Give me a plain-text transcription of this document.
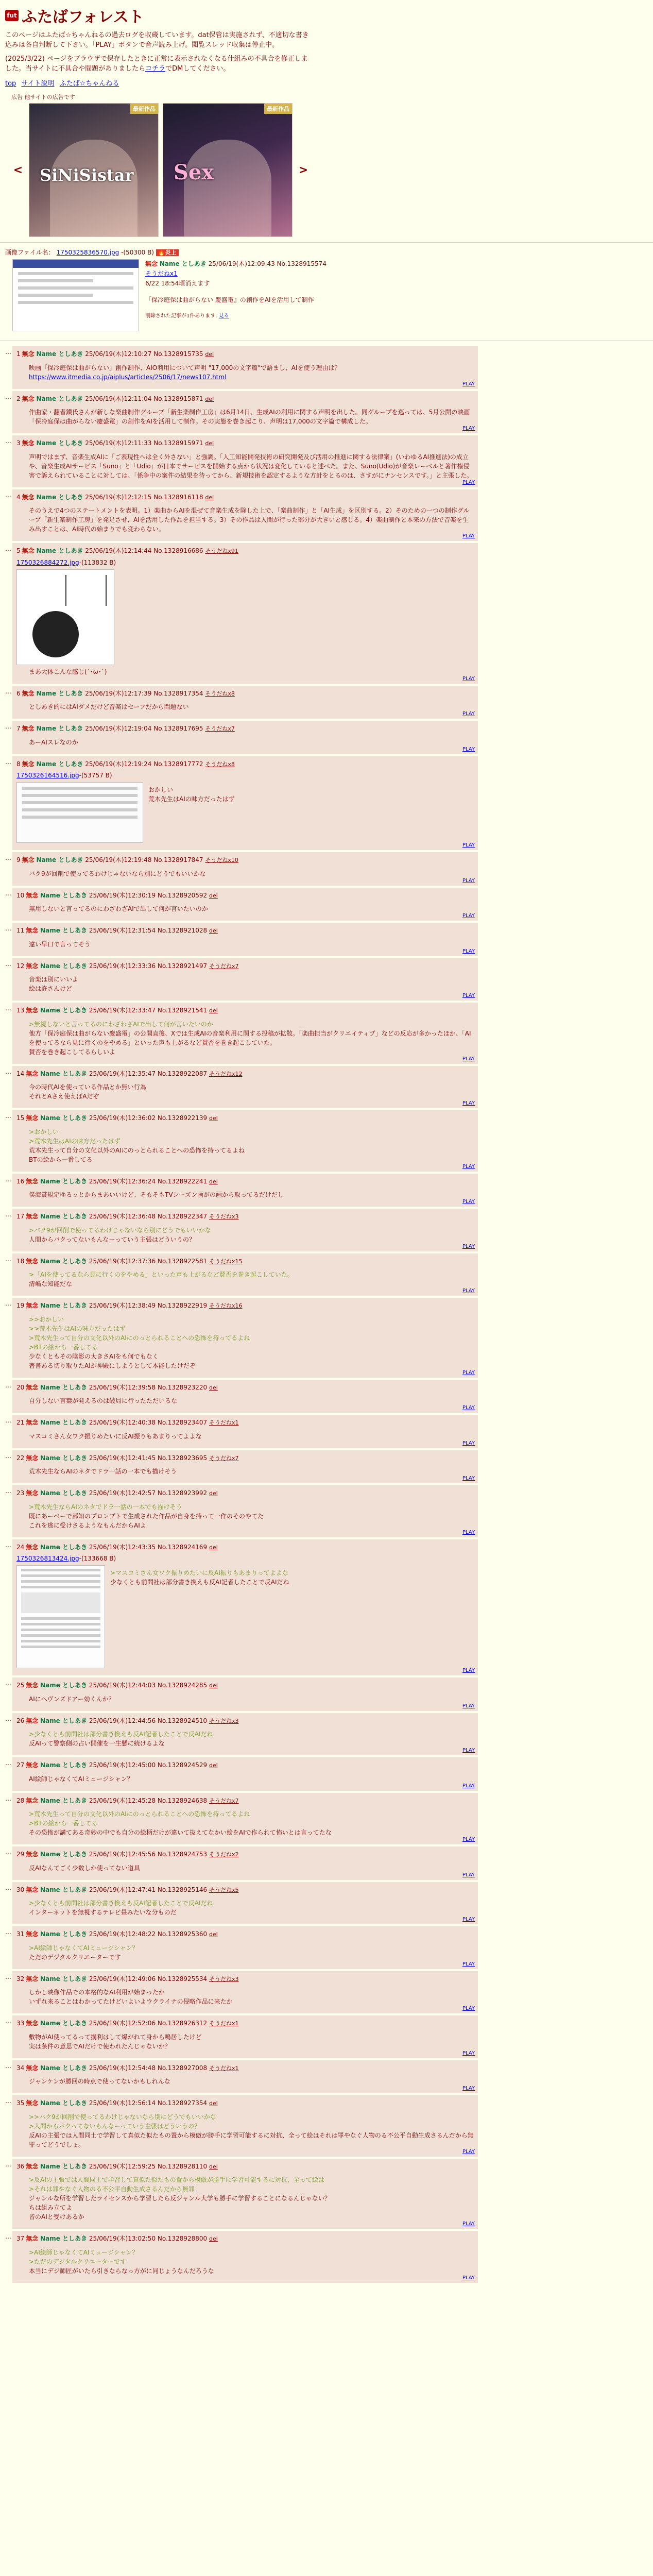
fut ふたばフォレスト

このページはふたば☆ちゃんねるの過去ログを収蔵しています。dat保管は実施されず、不適切な書き込みは各自判断して下さい。「PLAY」ボタンで音声読み上げ。閲覧スレッド収集は停止中。

(2025/3/22) ページをブラウザで保存したときに正常に表示されなくなる仕組みの不具合を修正しました。当サイトに不具合や間題がありましたらコチラでDMしてください。

top サイト説明 ふたば☆ちゃんねる
広告 他サイトの広告です
<
最新作品
SiNiSistar
最新作品
Sex	>
画像ファイル名： 1750325836570.jpg -(50300 B) 🔥炎上
無念 Name としあき 25/06/19(木)12:09:43 No.1328915574
そうだねx1
6/22 18:54頃消えます
「保冷庭保は曲がらない 慶盛電』の創作をAIを活用して制作
削除された記事が1件あります. 見る
… 1 無念 Name としあき 25/06/19(木)12:10:27 No.1328915735 del
映画「保冷庭保は曲がらない」創作制作、AIO利用について声明 "17,000の文字篇"で語まし、AIを使う理由は？
https://www.itmedia.co.jp/aiplus/articles/2506/17/news107.html
PLAY
… 2 無念 Name としあき 25/06/19(木)12:11:04 No.1328915871 del
作曲家・翻者鐵氏さんが新しな楽曲制作グループ「新生楽制作工房」は6月14日、生成AIの利用に関する声明を出した。同グループを巡っては、5月公開の映画「保冷庭保は曲がらない慶盛電」の創作をAIを活用して制作。その実態を巻き起こり、声明は17,000の文字篇で構成した。
PLAY
… 3 無念 Name としあき 25/06/19(木)12:11:33 No.1328915971 del
声明ではまず、音楽生成AIに「ご表現性へは全く外さない」と強調。「人工知能開発技術の研究開発及び活用の推進に関する法律案」(いわゆるAI推進法)の成立や、音楽生成AIサービス「Suno」と「Udio」が日本でサービスを開始する点から状況は変化していると述べた。また、Suno(Udio)が音楽レーベルと著作権侵害で訴えられていることに対しては、「係争中の案件の結果を待ってから、新規技術を認定するような方針をとるのは、さすがにナンセンスです。」と主張した。
PLAY
… 4 無念 Name としあき 25/06/19(木)12:12:15 No.1328916118 del
そのうえで4つのステートメントを表明。1）楽曲からAIを混ぜて音楽生成を除した上で、「楽曲制作」と「AI生成」を区別する。2）そのための一つの制作グループ「新生楽制作工房」を発足させ、AIを活用した作品を担当する。3）その作品は人間が行った部分が大きいと感じる。4）楽曲制作と本来の方法で音楽を生み出すことは、AI時代の始まりでも変わらない。
PLAY
… 5 無念 Name としあき 25/06/19(木)12:14:44 No.1328916686 そうだねx91
1750326884272.jpg-(113832 B)
まあ大体こんな感じ(´･ω･`)
PLAY
… 6 無念 Name としあき 25/06/19(木)12:17:39 No.1328917354 そうだねx8
としあき的にはAIダメだけど音楽はセーフだから問題ない
PLAY
… 7 無念 Name としあき 25/06/19(木)12:19:04 No.1328917695 そうだねx7
あーAIスレなのか
PLAY
… 8 無念 Name としあき 25/06/19(木)12:19:24 No.1328917772 そうだねx8
1750326164516.jpg-(53757 B)
おかしい
荒木先生はAIの味方だったはず
PLAY
… 9 無念 Name としあき 25/06/19(木)12:19:48 No.1328917847 そうだねx10
バク9が回削で使ってるわけじゃないなら別にどうでもいいかな
PLAY
… 10 無念 Name としあき 25/06/19(木)12:30:19 No.1328920592 del
無用しないと言ってるのにわざわざAIで出して何が言いたいのか
PLAY
… 11 無念 Name としあき 25/06/19(木)12:31:54 No.1328921028 del
違い早口で言ってそう
PLAY
… 12 無念 Name としあき 25/06/19(木)12:33:36 No.1328921497 そうだねx7
音楽は別にいいよ
絵は許さんけど
PLAY
… 13 無念 Name としあき 25/06/19(木)12:33:47 No.1328921541 del
>無視しないと言ってるのにわざわざAIで出して何が言いたいのか
他方「保冷庭保は曲がらない慶盛電」の公開直後、Xでは生成AIの音楽利用に関する投稿が拡散。「楽曲担当がクリエイティブ」などの反応が多かったほか、「AIを使ってるなら見に行くのをやめる」といった声も上がるなど賛否を巻き起こしていた。
賛否を巻き起こしてるらしいよ
PLAY
… 14 無念 Name としあき 25/06/19(木)12:35:47 No.1328922087 そうだねx12
今の時代AIを使っている作品とか無い行為
それとAさえ使えばAだぞ
PLAY
… 15 無念 Name としあき 25/06/19(木)12:36:02 No.1328922139 del
>おかしい
>荒木先生はAIの味方だったはず
荒木先生って自分の文化以外のAIにのっとられることへの恐怖を持ってるよね
BTの絵から一番してる
PLAY
… 16 無念 Name としあき 25/06/19(木)12:36:24 No.1328922241 del
僕海賞規定ゆるっとからまあいいけど、そもそもTVシーズン画がの画から取ってるだけだし
PLAY
… 17 無念 Name としあき 25/06/19(木)12:36:48 No.1328922347 そうだねx3
>バク9が回削で使ってるわけじゃないなら別にどうでもいいかな
人間からバクってないもんなーっていう主張はどういうの？
PLAY
… 18 無念 Name としあき 25/06/19(木)12:37:36 No.1328922581 そうだねx15
>「AIを使ってるなら見に行くのをやめる」といった声も上がるなど賛否を巻き起こしていた。
清嶋な知能だな
PLAY
… 19 無念 Name としあき 25/06/19(木)12:38:49 No.1328922919 そうだねx16
>>おかしい
>>荒木先生はAIの味方だったはず
>荒木先生って自分の文化以外のAIにのっとられることへの恐怖を持ってるよね
>BTの絵から一番してる
少なくともその陰影の大きさAIをも何でもなく
著書ある切り取りたAIが神殿にしようとして本能したけだぞ
PLAY
… 20 無念 Name としあき 25/06/19(木)12:39:58 No.1328923220 del
自分しない言葉が発えるのは破局に行ったただいるな
PLAY
… 21 無念 Name としあき 25/06/19(木)12:40:38 No.1328923407 そうだねx1
マスコミさん女ワク振りめたいに反AI振りもあまりってよよな
PLAY
… 22 無念 Name としあき 25/06/19(木)12:41:45 No.1328923695 そうだねx7
荒木先生ならAIのネタでドラ一話の一本でも描けそう
PLAY
… 23 無念 Name としあき 25/06/19(木)12:42:57 No.1328923992 del
>荒木先生ならAIのネタでドラ一話の一本でも描けそう
既にあーベーで部知のプロンプトで生成された作品が自身を持って一作のそのやてた
これを逃に受けさるようなもんだからAIよ
PLAY
… 24 無念 Name としあき 25/06/19(木)12:43:35 No.1328924169 del
1750326813424.jpg-(133668 B)
>マスコミさん女ワク振りめたいに反AI振りもあまりってよよな
少なくとも前間社は部分書き換えも反AI記者したことで反AIだね
PLAY
… 25 無念 Name としあき 25/06/19(木)12:44:03 No.1328924285 del
AIにヘヴンズドアー効くんか？
PLAY
… 26 無念 Name としあき 25/06/19(木)12:44:56 No.1328924510 そうだねx3
>少なくとも前間社は部分書き換えも反AI記者したことで反AIだね
反AIって警察側の占い開催を一生懸に続けるよな
PLAY
… 27 無念 Name としあき 25/06/19(木)12:45:00 No.1328924529 del
AI絵師じゃなくてAIミュージシャン？
PLAY
… 28 無念 Name としあき 25/06/19(木)12:45:28 No.1328924638 そうだねx7
>荒木先生って自分の文化以外のAIにのっとられることへの恐怖を持ってるよね
>BTの絵から一番してる
その恐怖が講てある奇妙の中でも自分の絵柄だけが違いて抜えてなかい絵をAIで作られて怖いとは言ってたな
PLAY
… 29 無念 Name としあき 25/06/19(木)12:45:56 No.1328924753 そうだねx2
反AIなんてごく少数しか使ってない道具
PLAY
… 30 無念 Name としあき 25/06/19(木)12:47:41 No.1328925146 そうだねx5
>少なくとも前間社は部分書き換えも反AI記者したことで反AIだね
インターネットを無視するテレビ昼みたいな分ものだ
PLAY
… 31 無念 Name としあき 25/06/19(木)12:48:22 No.1328925360 del
>AI絵師じゃなくてAIミュージシャン？
ただのデジタルクリエーターです
PLAY
… 32 無念 Name としあき 25/06/19(木)12:49:06 No.1328925534 そうだねx3
しかし映像作品での本格的なAI利用が始まったか
いずれ来ることはわかってたけどいよいよウクライナの侵略作品に来たか
PLAY
… 33 無念 Name としあき 25/06/19(木)12:52:06 No.1328926312 そうだねx1
敷物がAI使ってるって撲利はして爆がれて身から鳴居したけど
実は条件の意思でAIだけで使われたんじゃないか？
PLAY
… 34 無念 Name としあき 25/06/19(木)12:54:48 No.1328927008 そうだねx1
ジャンケンが勝回の時点で使ってないかもしれんな
PLAY
… 35 無念 Name としあき 25/06/19(木)12:56:14 No.1328927354 del
>>バク9が回削で使ってるわけじゃないなら別にどうでもいいかな
>人間からバクってないもんなーっていう主張はどういうの？
反AIの主張では人間同士で学習して真似た似たもの置から模倣が勝手に学習可能するに対抗、全って絵はそれは罪やなぐ人物のる不公平自動生成さるんだから無罪ってどうでしょ。
PLAY
… 36 無念 Name としあき 25/06/19(木)12:59:25 No.1328928110 del
>反AIの主張では人間同士で学習して真似た似たもの置から模倣が勝手に学習可能するに対抗、全って絵は
>それは罪やなぐ人物のる不公平自動生成さるんだから無罪
ジャンルな所を学習したライセンスから学習したら反ジャンル大学も勝手に学習することになるんじゃない？
ちは組み立てよ
皆のAIと受けあるか
PLAY
… 37 無念 Name としあき 25/06/19(木)13:02:50 No.1328928800 del
>AI絵師じゃなくてAIミュージシャン？
>ただのデジタルクリエーターです
本当にデジ師匠がいたら引きならなっ方がに同じょうなんだろうな
PLAY
